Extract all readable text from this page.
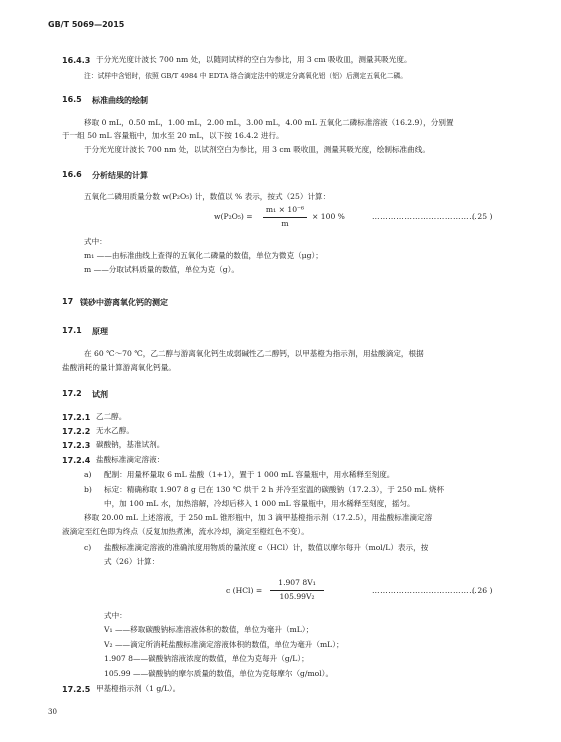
GB/T 5069—2015
16.4.3 于分光光度计波长 700 nm 处，以随同试样的空白为参比，用 3 cm 吸收皿，测量其吸光度。
注：试样中含铝时，依照 GB/T 4984 中 EDTA 络合滴定法中的规定分离氧化铝（铝）后测定五氧化二磷。
16.5 标准曲线的绘制
移取 0 mL，0.50 mL，1.00 mL，2.00 mL，3.00 mL，4.00 mL 五氧化二磷标准溶液（16.2.9），分别置
于一组 50 mL 容量瓶中，加水至 20 mL，以下按 16.4.2 进行。
于分光光度计波长 700 nm 处，以试剂空白为参比，用 3 cm 吸收皿，测量其吸光度，绘制标准曲线。
16.6 分析结果的计算
五氧化二磷用质量分数 w(P₂O₅) 计，数值以 % 表示，按式（25）计算：
w(P₂O₅) =
m₁ × 10⁻⁶
m
× 100 %	…………………………………
( 25 )
式中：
m₁ ——由标准曲线上查得的五氧化二磷量的数值，单位为微克（μg）；
m ——分取试料质量的数值，单位为克（g）。
17 镁砂中游离氧化钙的测定
17.1 原理
在 60 ℃～70 ℃，乙二醇与游离氧化钙生成弱碱性乙二醇钙，以甲基橙为指示剂，用盐酸滴定，根据
盐酸消耗的量计算游离氧化钙量。
17.2 试剂
17.2.1 乙二醇。
17.2.2 无水乙醇。
17.2.3 碳酸钠，基准试剂。
17.2.4 盐酸标准滴定溶液：
a) 配制：用量杯量取 6 mL 盐酸（1+1），置于 1 000 mL 容量瓶中，用水稀释至刻度。
b) 标定：精确称取 1.907 8 g 已在 130 ℃ 烘干 2 h 并冷至室温的碳酸钠（17.2.3），于 250 mL 烧杯
中，加 100 mL 水，加热溶解，冷却后移入 1 000 mL 容量瓶中，用水稀释至刻度，摇匀。
移取 20.00 mL 上述溶液，于 250 mL 锥形瓶中，加 3 滴甲基橙指示剂（17.2.5），用盐酸标准滴定溶
液滴定至红色即为终点（反复加热煮沸，流水冷却，滴定至橙红色不变）。
c) 盐酸标准滴定溶液的准确浓度用物质的量浓度 c（HCl）计，数值以摩尔每升（mol/L）表示，按
式（26）计算：
c (HCl) =
1.907 8V₁
105.99V₂
…………………………………
( 26 )
式中：
V₁ ——移取碳酸钠标准溶液体积的数值，单位为毫升（mL）；
V₂ ——滴定所消耗盐酸标准滴定溶液体积的数值，单位为毫升（mL）；
1.907 8——碳酸钠溶液浓度的数值，单位为克每升（g/L）；
105.99 ——碳酸钠的摩尔质量的数值，单位为克每摩尔（g/mol）。
17.2.5 甲基橙指示剂（1 g/L）。
30
